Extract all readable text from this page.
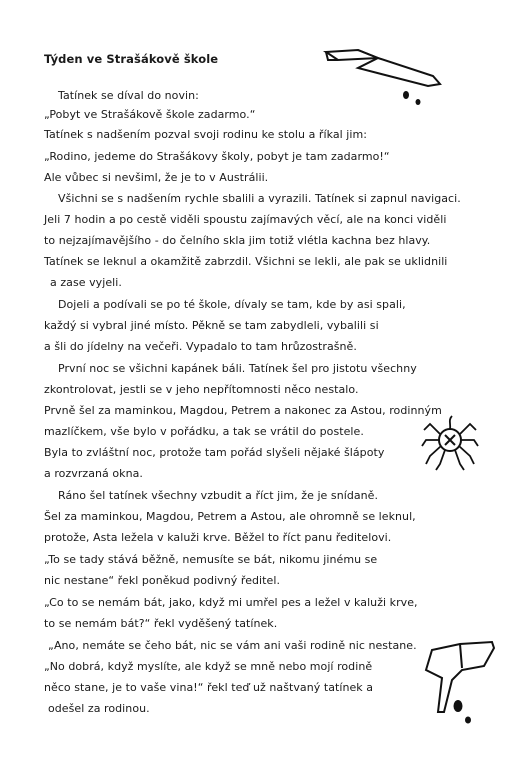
Týden ve Strašákově škole
Tatínek se díval do novin:
„Pobyt ve Strašákově škole zadarmo.“
Tatínek s nadšením pozval svoji rodinu ke stolu a říkal jim:
„Rodino, jedeme do Strašákovy školy, pobyt je tam zadarmo!“
Ale vůbec si nevšiml, že je to v Austrálii.
Všichni se s nadšením rychle sbalili a vyrazili. Tatínek si zapnul navigaci.
Jeli 7 hodin a po cestě viděli spoustu zajímavých věcí, ale na konci viděli
to nejzajímavějšího - do čelního skla jim totiž vlétla kachna bez hlavy.
Tatínek se leknul a okamžitě zabrzdil. Všichni se lekli, ale pak se uklidnili
a zase vyjeli.
Dojeli a podívali se po té škole, dívaly se tam, kde by asi spali,
každý si vybral jiné místo. Pěkně se tam zabydleli, vybalili si
a šli do jídelny na večeři. Vypadalo to tam hrůzostrašně.
První noc se všichni kapánek báli. Tatínek šel pro jistotu všechny
zkontrolovat, jestli se v jeho nepřítomnosti něco nestalo.
Prvně šel za maminkou, Magdou, Petrem a nakonec za Astou, rodinným
mazlíčkem, vše bylo v pořádku, a tak se vrátil do postele.
Byla to zvláštní noc, protože tam pořád slyšeli nějaké šlápoty
a rozvrzaná okna.
Ráno šel tatínek všechny vzbudit a říct jim, že je snídaně.
Šel za maminkou, Magdou, Petrem a Astou, ale ohromně se leknul,
protože, Asta ležela v kaluži krve. Běžel to říct panu ředitelovi.
„To se tady stává běžně, nemusíte se bát, nikomu jinému se
nic nestane“ řekl poněkud podivný ředitel.
„Co to se nemám bát, jako, když mi umřel pes a ležel v kaluži krve,
to se nemám bát?“ řekl vyděšený tatínek.
„Ano, nemáte se čeho bát, nic se vám ani vaši rodině nic nestane.
„No dobrá, když myslíte, ale když se mně nebo mojí rodině
něco stane, je to vaše vina!“ řekl teď už naštvaný tatínek a
odešel za rodinou.
